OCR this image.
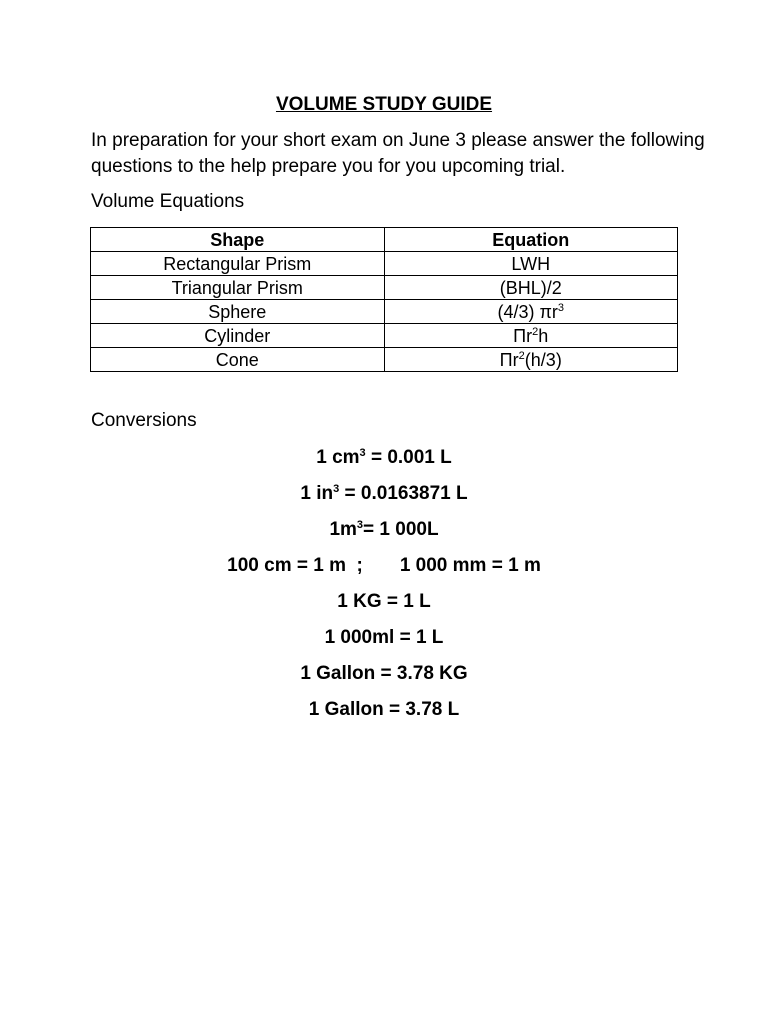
VOLUME STUDY GUIDE

In preparation for your short exam on June 3 please answer the following questions to the help prepare you for you upcoming trial.

Volume Equations

Shape	Equation
Rectangular Prism	LWH
Triangular Prism	(BHL)/2
Sphere	(4/3) $\pi r^3$
Cylinder	$\Pi r^2h$
Cone	$\Pi r^2(h/3)$

Conversions

1 $cm^3 = 0.001$ L
1 $in^3 = 0.0163871$ L
$1m^3= 1$ 000L
100 cm = 1 m  ;       1 000 mm = 1 m
1 KG = 1 L
1 000ml = 1 L
1 Gallon = 3.78 KG
1 Gallon = 3.78 L
